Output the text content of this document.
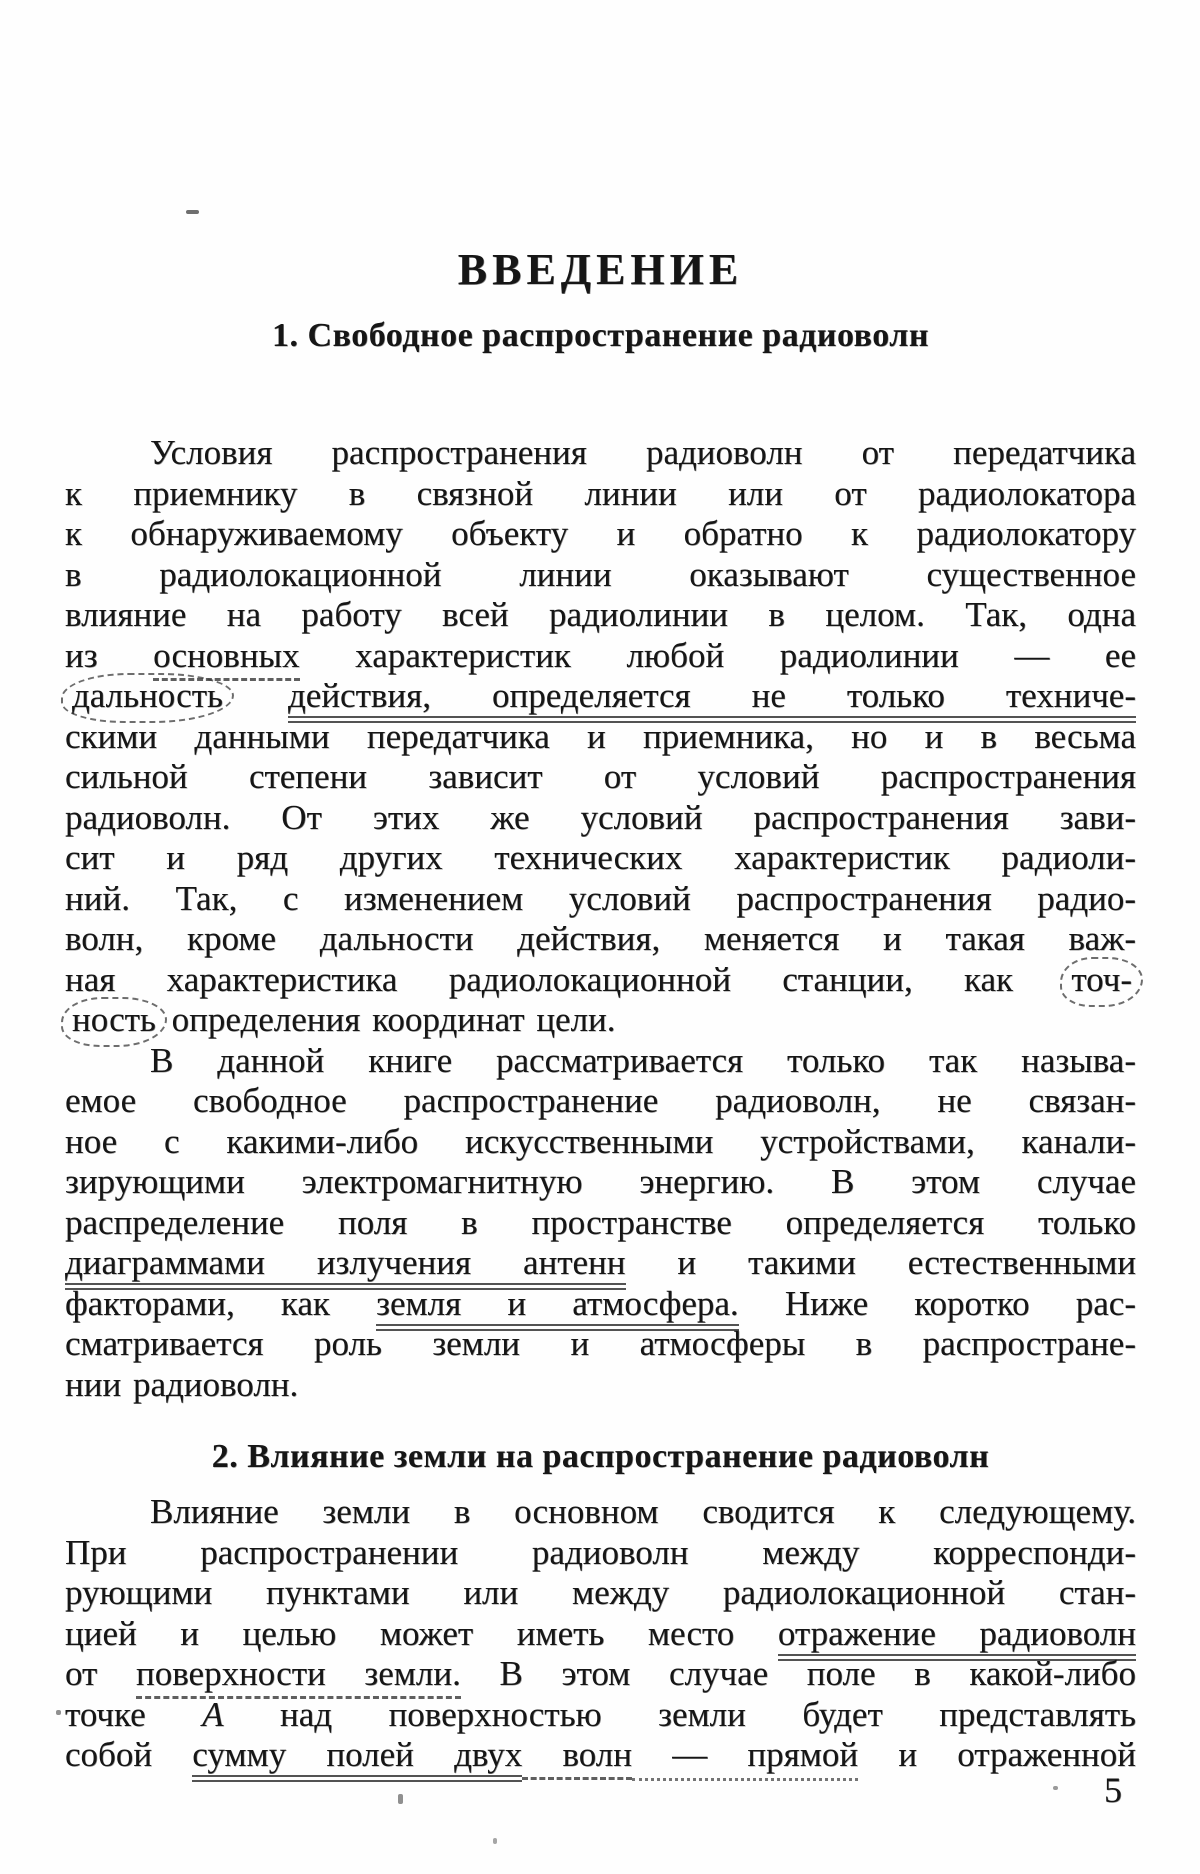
ВВЕДЕНИЕ
1. Свободное распространение радиоволн
Условия распространения радиоволн от передатчика
к приемнику в связной линии или от радиолокатора
к обнаруживаемому объекту и обратно к радиолокатору
в радиолокационной линии оказывают существенное
влияние на работу всей радиолинии в целом. Так, одна
из основных характеристик любой радиолинии — ее
дальность действия, определяется не только техниче-
скими данными передатчика и приемника, но и в весьма
сильной степени зависит от условий распространения
радиоволн. От этих же условий распространения зави-
сит и ряд других технических характеристик радиоли-
ний. Так, с изменением условий распространения радио-
волн, кроме дальности действия, меняется и такая важ-
ная характеристика радиолокационной станции, как точ-
ность определения координат цели.
В данной книге рассматривается только так называ-
емое свободное распространение радиоволн, не связан-
ное с какими-либо искусственными устройствами, канали-
зирующими электромагнитную энергию. В этом случае
распределение поля в пространстве определяется только
диаграммами излучения антенн и такими естественными
факторами, как земля и атмосфера. Ниже коротко рас-
сматривается роль земли и атмосферы в распростране-
нии радиоволн.
2. Влияние земли на распространение радиоволн
Влияние земли в основном сводится к следующему.
При распространении радиоволн между корреспонди-
рующими пунктами или между радиолокационной стан-
цией и целью может иметь место отражение радиоволн
от поверхности земли. В этом случае поле в какой-либо
точке А над поверхностью земли будет представлять
собой сумму полей двух волн — прямой и отраженной
5
